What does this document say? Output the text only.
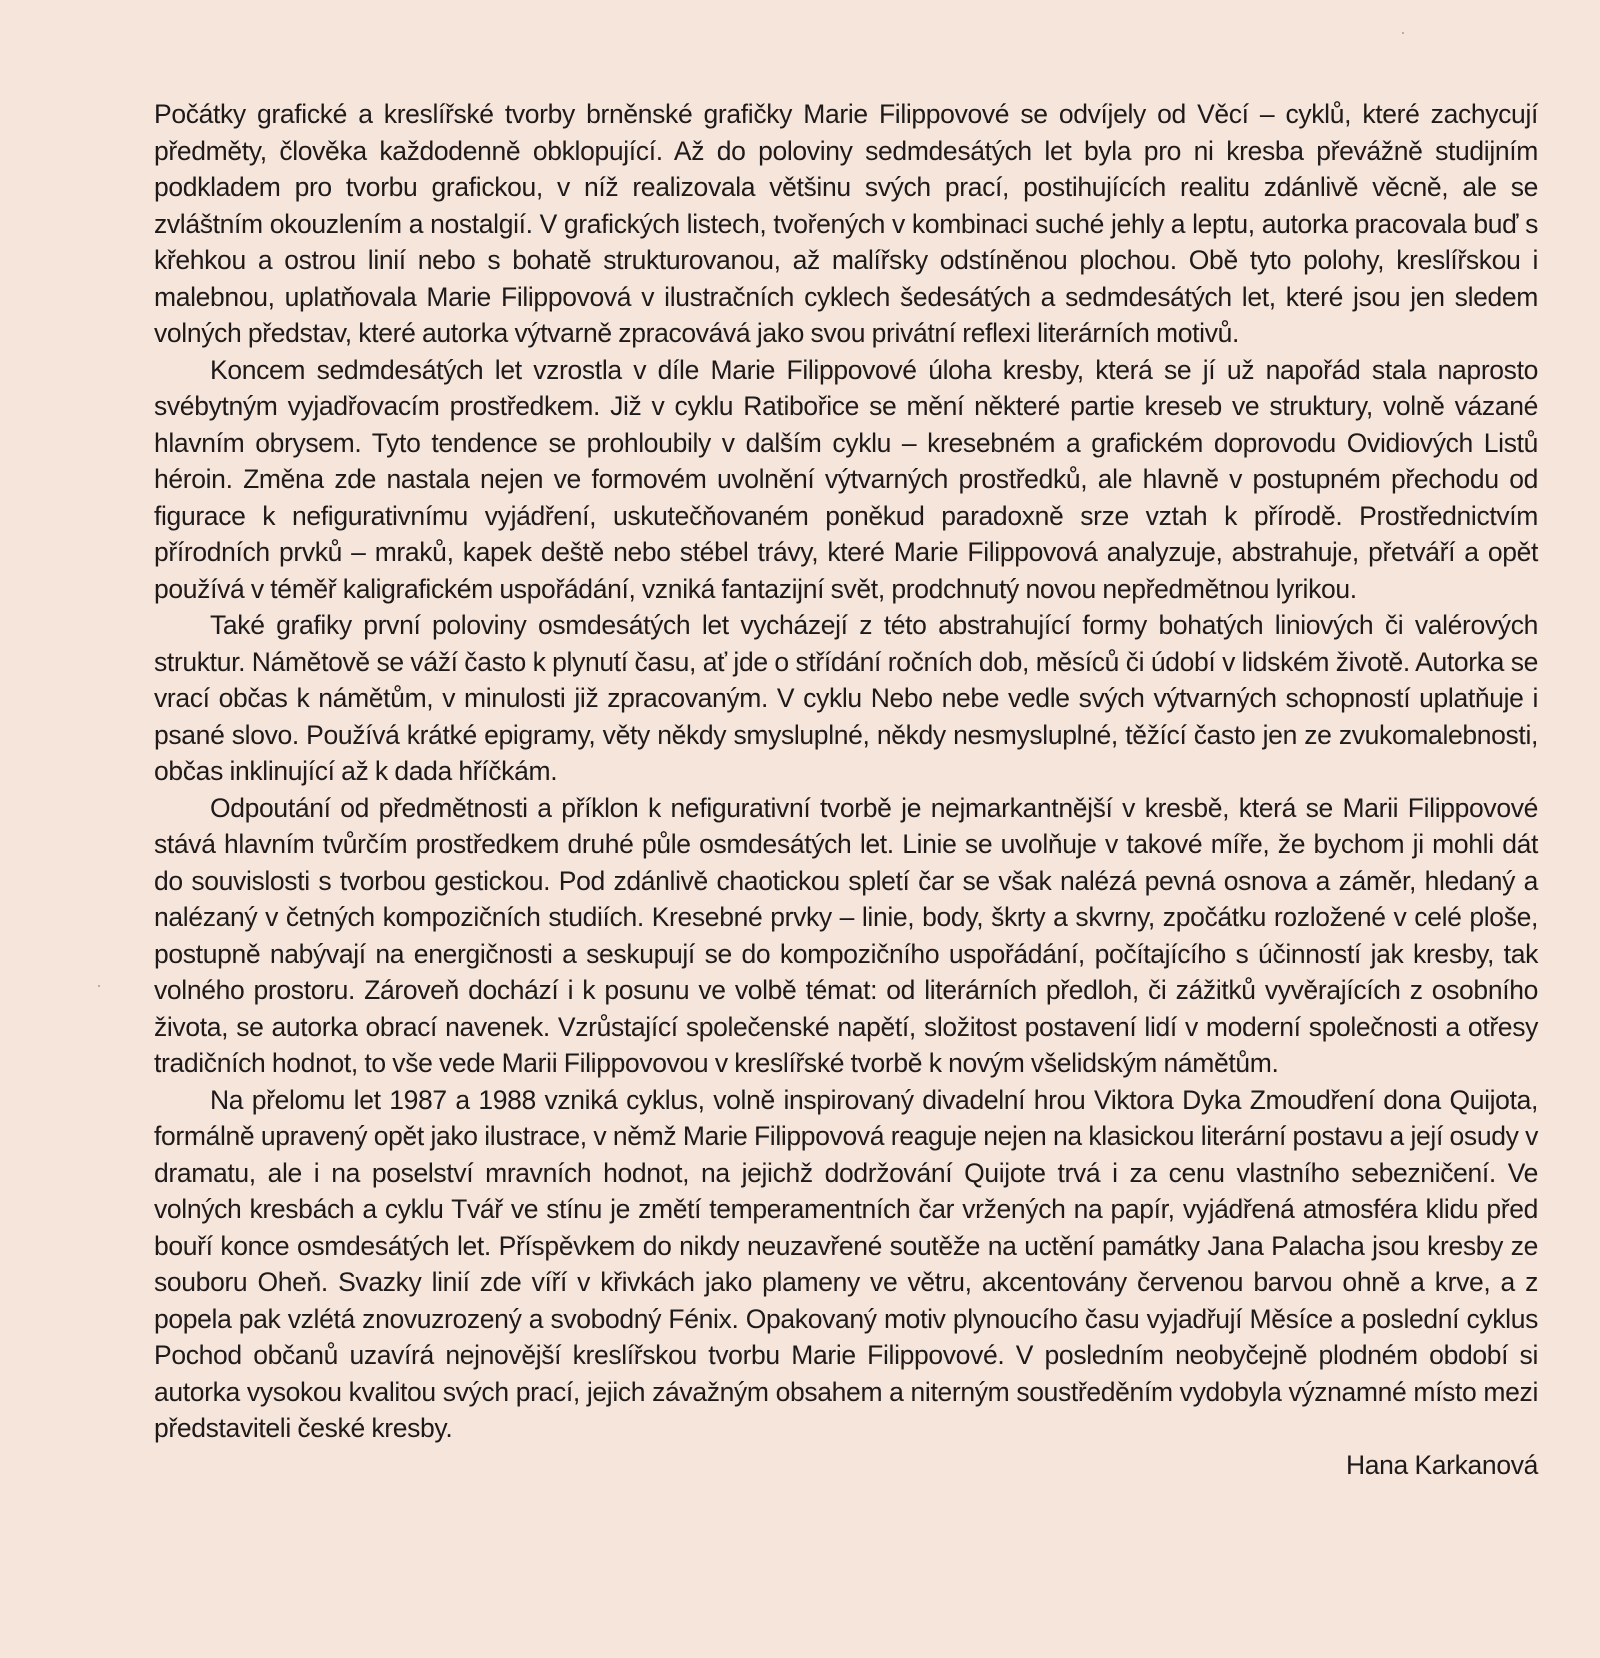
Počátky grafické a kreslířské tvorby brněnské grafičky Marie Filippovové se odvíjely od Věcí – cyklů, které zachycují předměty, člověka každodenně obklopující. Až do poloviny sedmdesátých let byla pro ni kresba převážně studijním podkladem pro tvorbu grafickou, v níž realizovala většinu svých prací, postihujících realitu zdánlivě věcně, ale se zvláštním okouzlením a nostalgií. V grafických listech, tvořených v kombinaci suché jehly a leptu, autorka pracovala buď s křehkou a ostrou linií nebo s bohatě strukturovanou, až malířsky odstíněnou plochou. Obě tyto polohy, kreslířskou i malebnou, uplatňovala Marie Filippovová v ilustračních cyklech šedesátých a sedmdesátých let, které jsou jen sledem volných představ, které autorka výtvarně zpracovává jako svou privátní reflexi literárních motivů.

Koncem sedmdesátých let vzrostla v díle Marie Filippovové úloha kresby, která se jí už napořád stala naprosto svébytným vyjadřovacím prostředkem. Již v cyklu Ratibořice se mění některé partie kreseb ve struktury, volně vázané hlavním obrysem. Tyto tendence se prohloubily v dalším cyklu – kresebném a grafickém doprovodu Ovidiových Listů héroin. Změna zde nastala nejen ve formovém uvolnění výtvarných prostředků, ale hlavně v postupném přechodu od figurace k nefigurativnímu vyjádření, uskutečňovaném poněkud paradoxně srze vztah k přírodě. Prostřednictvím přírodních prvků – mraků, kapek deště nebo stébel trávy, které Marie Filippovová analyzuje, abstrahuje, přetváří a opět používá v téměř kaligrafickém uspořádání, vzniká fantazijní svět, prodchnutý novou nepředmětnou lyrikou.

Také grafiky první poloviny osmdesátých let vycházejí z této abstrahující formy bohatých liniových či valérových struktur. Námětově se váží často k plynutí času, ať jde o střídání ročních dob, měsíců či údobí v lidském životě. Autorka se vrací občas k námětům, v minulosti již zpracovaným. V cyklu Nebo nebe vedle svých výtvarných schopností uplatňuje i psané slovo. Používá krátké epigramy, věty někdy smysluplné, někdy nesmysluplné, těžící často jen ze zvukomalebnosti, občas inklinující až k dada hříčkám.

Odpoutání od předmětnosti a příklon k nefigurativní tvorbě je nejmarkantnější v kresbě, která se Marii Filippovové stává hlavním tvůrčím prostředkem druhé půle osmdesátých let. Linie se uvolňuje v takové míře, že bychom ji mohli dát do souvislosti s tvorbou gestickou. Pod zdánlivě chaotickou spletí čar se však nalézá pevná osnova a záměr, hledaný a nalézaný v četných kompozičních studiích. Kresebné prvky – linie, body, škrty a skvrny, zpočátku rozložené v celé ploše, postupně nabývají na energičnosti a seskupují se do kompozičního uspořádání, počítajícího s účinností jak kresby, tak volného prostoru. Zároveň dochází i k posunu ve volbě témat: od literárních předloh, či zážitků vyvěrajících z osobního života, se autorka obrací navenek. Vzrůstající společenské napětí, složitost postavení lidí v moderní společnosti a otřesy tradičních hodnot, to vše vede Marii Filippovovou v kreslířské tvorbě k novým všelidským námětům.

Na přelomu let 1987 a 1988 vzniká cyklus, volně inspirovaný divadelní hrou Viktora Dyka Zmoudření dona Quijota, formálně upravený opět jako ilustrace, v němž Marie Filippovová reaguje nejen na klasickou literární postavu a její osudy v dramatu, ale i na poselství mravních hodnot, na jejichž dodržování Quijote trvá i za cenu vlastního sebezničení. Ve volných kresbách a cyklu Tvář ve stínu je změtí temperamentních čar vržených na papír, vyjádřená atmosféra klidu před bouří konce osmdesátých let. Příspěvkem do nikdy neuzavřené soutěže na uctění památky Jana Palacha jsou kresby ze souboru Oheň. Svazky linií zde víří v křivkách jako plameny ve větru, akcentovány červenou barvou ohně a krve, a z popela pak vzlétá znovuzrozený a svobodný Fénix. Opakovaný motiv plynoucího času vyjadřují Měsíce a poslední cyklus Pochod občanů uzavírá nejnovější kreslířskou tvorbu Marie Filippovové. V posledním neobyčejně plodném období si autorka vysokou kvalitou svých prací, jejich závažným obsahem a niterným soustředěním vydobyla významné místo mezi představiteli české kresby.

Hana Karkanová
